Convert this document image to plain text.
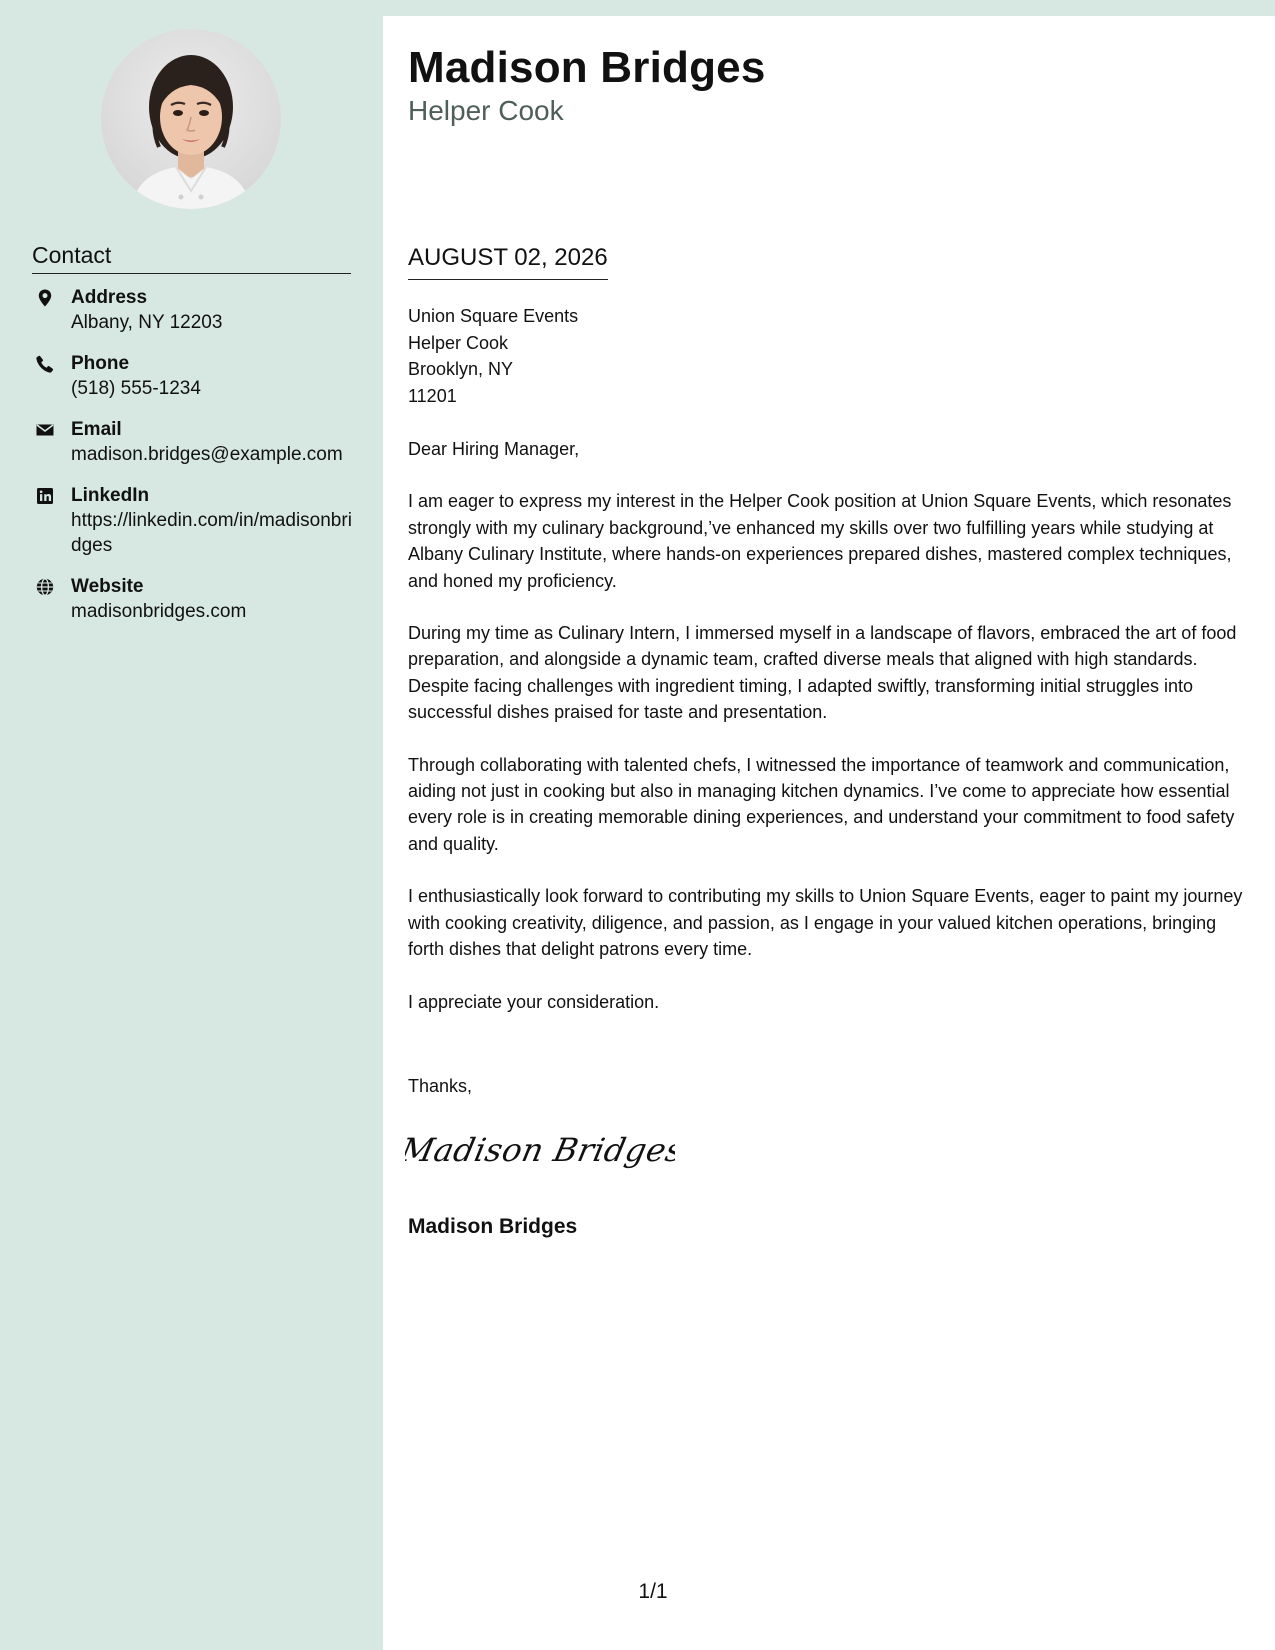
Contact
Address
Albany, NY 12203
Phone
(518) 555-1234
Email
madison.bridges@example.com
LinkedIn
https://linkedin.com/in/madisonbridges
Website
madisonbridges.com
Madison Bridges
Helper Cook
AUGUST 02, 2026
Union Square Events
Helper Cook
Brooklyn, NY
11201

Dear Hiring Manager,

I am eager to express my interest in the Helper Cook position at Union Square Events, which resonates strongly with my culinary background,’ve enhanced my skills over two fulfilling years while studying at Albany Culinary Institute, where hands-on experiences prepared dishes, mastered complex techniques, and honed my proficiency.

During my time as Culinary Intern, I immersed myself in a landscape of flavors, embraced the art of food preparation, and alongside a dynamic team, crafted diverse meals that aligned with high standards. Despite facing challenges with ingredient timing, I adapted swiftly, transforming initial struggles into successful dishes praised for taste and presentation.

Through collaborating with talented chefs, I witnessed the importance of teamwork and communication, aiding not just in cooking but also in managing kitchen dynamics. I’ve come to appreciate how essential every role is in creating memorable dining experiences, and understand your commitment to food safety and quality.

I enthusiastically look forward to contributing my skills to Union Square Events, eager to paint my journey with cooking creativity, diligence, and passion, as I engage in your valued kitchen operations, bringing forth dishes that delight patrons every time.

I appreciate your consideration.

Thanks,
Madison Bridges
Madison Bridges
1/1
